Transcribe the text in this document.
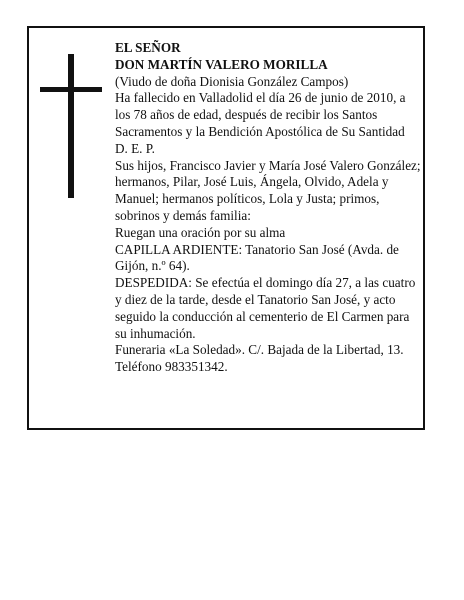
EL SEÑOR

DON MARTÍN VALERO MORILLA

(Viudo de doña Dionisia González Campos)

Ha fallecido en Valladolid el día 26 de junio de 2010, a los 78 años de edad, después de recibir los Santos Sacramentos y la Bendición Apostólica de Su Santidad

D. E. P.

Sus hijos, Francisco Javier y María José Valero González; hermanos, Pilar, José Luis, Ángela, Olvido, Adela y Manuel; hermanos políticos, Lola y Justa; primos, sobrinos y demás familia:

Ruegan una oración por su alma

CAPILLA ARDIENTE: Tanatorio San José (Avda. de Gijón, n.º 64).

DESPEDIDA: Se efectúa el domingo día 27, a las cuatro y diez de la tarde, desde el Tanatorio San José, y acto seguido la conducción al cementerio de El Carmen para su inhumación.

Funeraria «La Soledad». C/. Bajada de la Libertad, 13. Teléfono 983351342.
